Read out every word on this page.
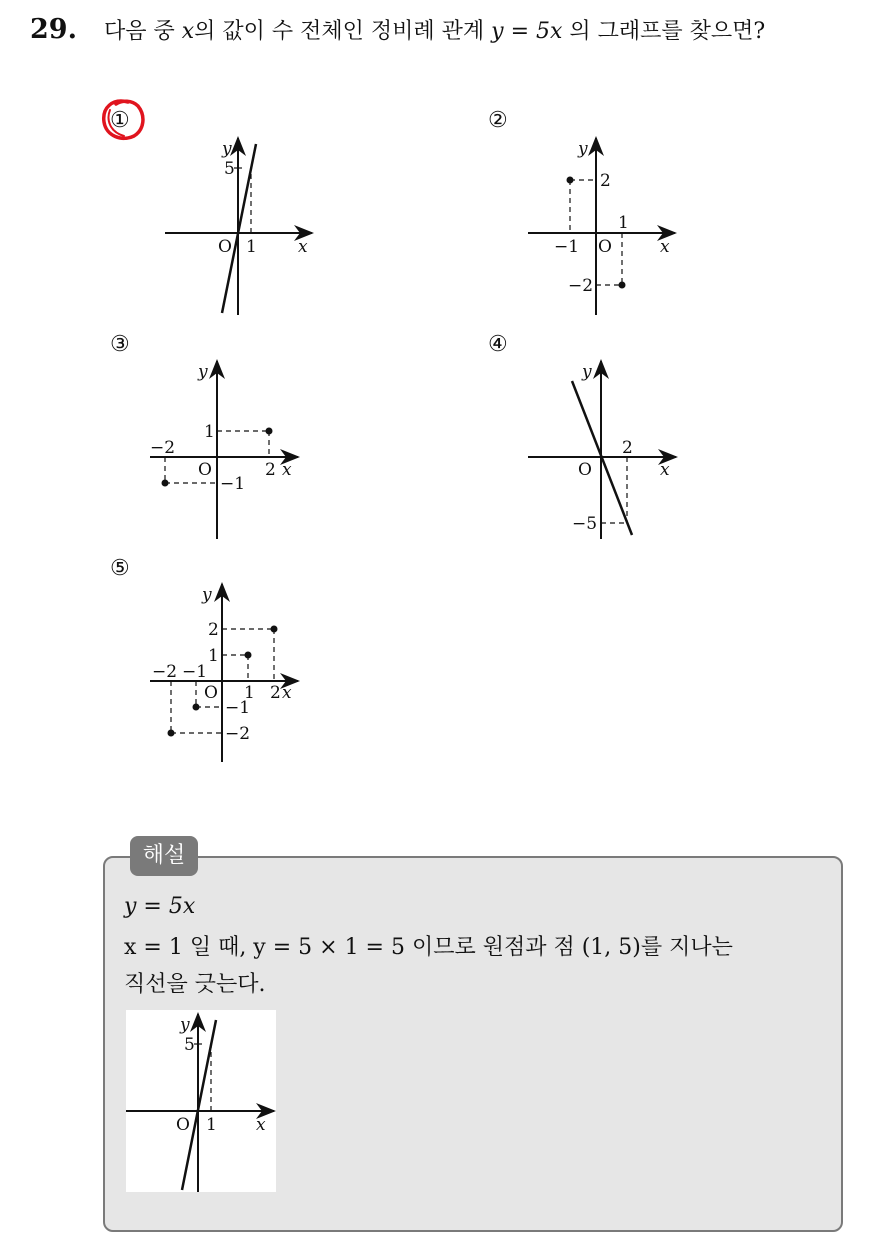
29. 다음 중 x의 값이 수 전체인 정비례 관계 y = 5x 의 그래프를 찾으면?
①	②
③	④
⑤
y
x
O
5
1
y
x
O
2
−2
1
−1
y
x
O
1
−1
2
−2
y
x
O
−5
2
y
x
O
2
1
−1
−2
1 2
−1
−2
해설
y = 5x
x = 1 일 때, y = 5 × 1 = 5 이므로 원점과 점 (1, 5)를 지나는
직선을 긋는다.
y
x
O
5
1
